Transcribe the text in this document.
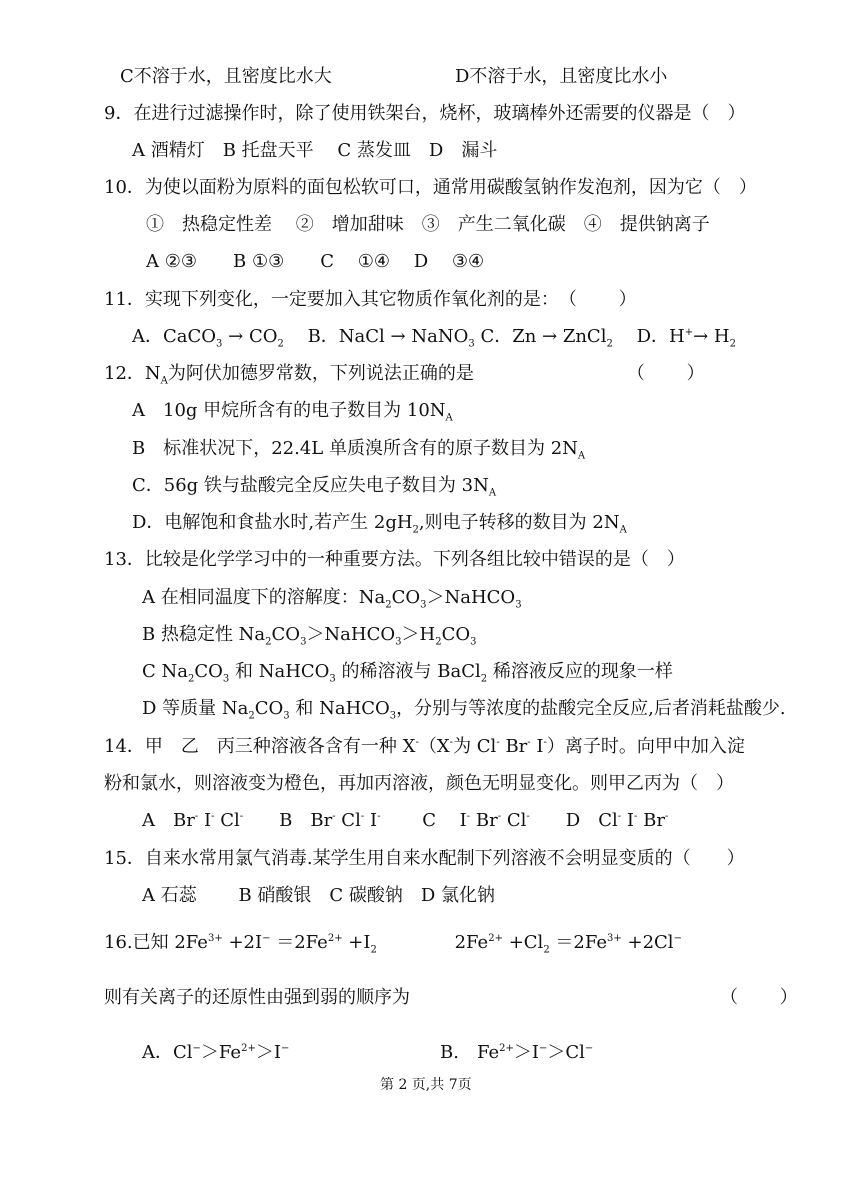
C不溶于水，且密度比水大	D不溶于水，且密度比水小
9．在进行过滤操作时，除了使用铁架台，烧杯，玻璃棒外还需要的仪器是（　）
A 酒精灯　B 托盘天平　 C 蒸发皿　D　漏斗
10．为使以面粉为原料的面包松软可口，通常用碳酸氢钠作发泡剂，因为它（　）
①　热稳定性差　 ②　增加甜味　③　产生二氧化碳　④　提供钠离子
A ②③　　B ①③　　C　 ①④　 D　 ③④
11．实现下列变化，一定要加入其它物质作氧化剂的是：　（　　 ）
A．CaCO$_3$ → $CO_2$　 B．NaCl → NaNO$_3$ C．Zn → ZnCl$_2$　 D．$H^+\to H_2$
12．$N_A$为阿伏加德罗常数，下列说法正确的是　　　　　　　　　（　　 ）
A　10g 甲烷所含有的电子数目为 $10N_A$
B　标准状况下，22.4L 单质溴所含有的原子数目为 $2N_A$
C．56g 铁与盐酸完全反应失电子数目为 $3N_A$
D．电解饱和食盐水时,若产生 $2gH_2$,则电子转移的数目为 $2N_A$
13．比较是化学学习中的一种重要方法。下列各组比较中错误的是（　）
A 在相同温度下的溶解度：$Na_2CO_3>NaHCO_3$
B 热稳定性 $Na_2CO_3>NaHCO_3>H_2CO_3$
C $Na_2CO_3$ 和 NaHCO$_3$ 的稀溶液与 BaCl$_2$ 稀溶液反应的现象一样
D 等质量 $Na_2CO_3$ 和 NaHCO$_3$，分别与等浓度的盐酸完全反应,后者消耗盐酸少.
14．甲　乙　丙三种溶液各含有一种 X-（X-为 Cl- Br- I-）离子时。向甲中加入淀
粉和氯水，则溶液变为橙色，再加丙溶液，颜色无明显变化。则甲乙丙为（　）
A　Br- I- Cl-　　B　Br- Cl- I-　　 C　 I- Br- Cl-　　D　Cl- I- Br-
15．自来水常用氯气消毒.某学生用自来水配制下列溶液不会明显变质的（　　）
A 石蕊　　 B 硝酸银　C 碳酸钠　D 氯化钠
16.已知 $2Fe^{3+} +2I^- =2Fe^{2+} +I_2$　　　　 $2Fe^{2+} +Cl_2 =2Fe^{3+} +2Cl^-$
则有关离子的还原性由强到弱的顺序为	（　　 ）
A．$Cl^->Fe^{2+}>I^-$	B.　$Fe^{2+}>I^->Cl^-$
第 2 页,共 7页
